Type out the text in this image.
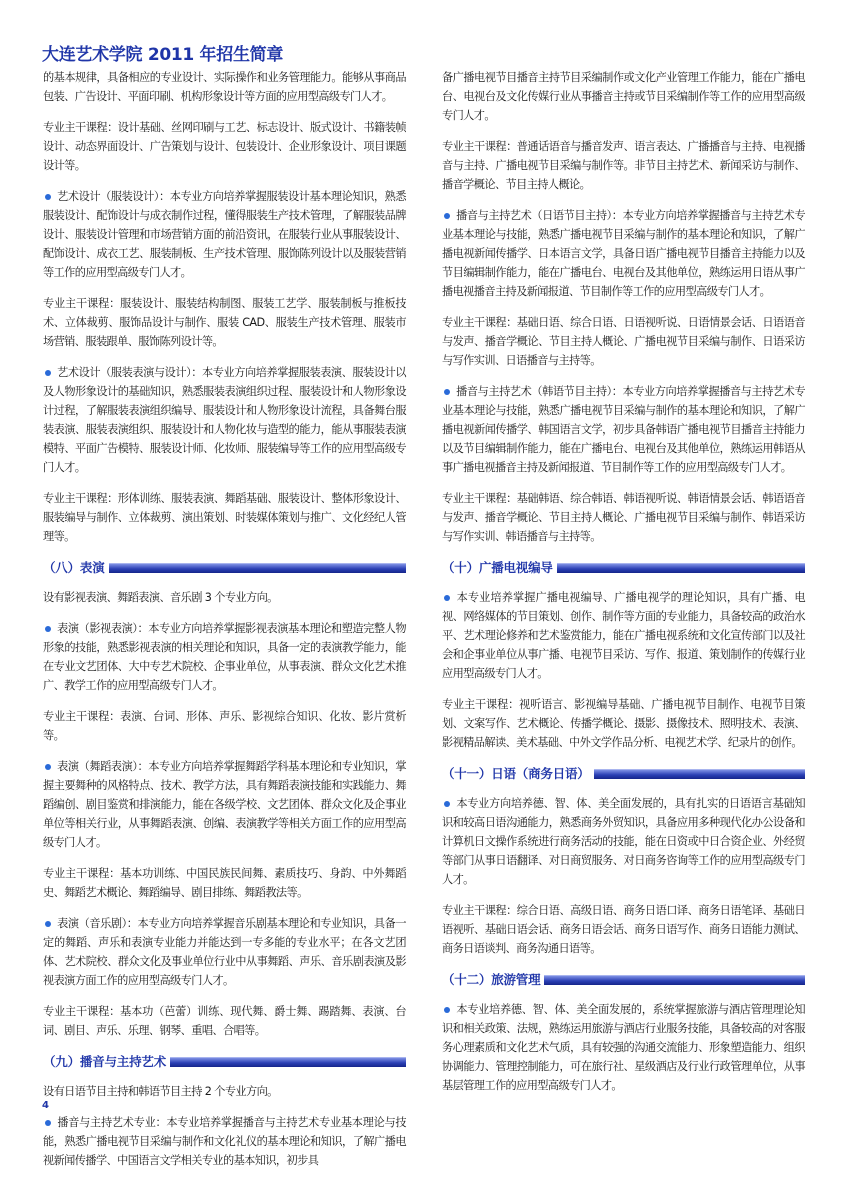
大连艺术学院 2011 年招生简章

的基本规律，具备相应的专业设计、实际操作和业务管理能力。能够从事商品包装、广告设计、平面印刷、机构形象设计等方面的应用型高级专门人才。

专业主干课程：设计基础、丝网印刷与工艺、标志设计、版式设计、书籍装帧设计、动态界面设计、广告策划与设计、包装设计、企业形象设计、项目课题设计等。

艺术设计（服装设计）：本专业方向培养掌握服装设计基本理论知识，熟悉服装设计、配饰设计与成衣制作过程，懂得服装生产技术管理，了解服装品牌设计、服装设计管理和市场营销方面的前沿资讯，在服装行业从事服装设计、配饰设计、成衣工艺、服装制板、生产技术管理、服饰陈列设计以及服装营销等工作的应用型高级专门人才。

专业主干课程：服装设计、服装结构制图、服装工艺学、服装制板与推板技术、立体裁剪、服饰品设计与制作、服装 CAD、服装生产技术管理、服装市场营销、服装跟单、服饰陈列设计等。

艺术设计（服装表演与设计）：本专业方向培养掌握服装表演、服装设计以及人物形象设计的基础知识，熟悉服装表演组织过程、服装设计和人物形象设计过程，了解服装表演组织编导、服装设计和人物形象设计流程，具备舞台服装表演、服装表演组织、服装设计和人物化妆与造型的能力，能从事服装表演模特、平面广告模特、服装设计师、化妆师、服装编导等工作的应用型高级专门人才。

专业主干课程：形体训练、服装表演、舞蹈基础、服装设计、整体形象设计、服装编导与制作、立体裁剪、演出策划、时装媒体策划与推广、文化经纪人管理等。

（八）表演

设有影视表演、舞蹈表演、音乐剧 3 个专业方向。

表演（影视表演）：本专业方向培养掌握影视表演基本理论和塑造完整人物形象的技能，熟悉影视表演的相关理论和知识，具备一定的表演教学能力，能在专业文艺团体、大中专艺术院校、企事业单位，从事表演、群众文化艺术推广、教学工作的应用型高级专门人才。

专业主干课程：表演、台词、形体、声乐、影视综合知识、化妆、影片赏析等。

表演（舞蹈表演）：本专业方向培养掌握舞蹈学科基本理论和专业知识，掌握主要舞种的风格特点、技术、教学方法，具有舞蹈表演技能和实践能力、舞蹈编创、剧目鉴赏和排演能力，能在各级学校、文艺团体、群众文化及企事业单位等相关行业，从事舞蹈表演、创编、表演教学等相关方面工作的应用型高级专门人才。

专业主干课程：基本功训练、中国民族民间舞、素质技巧、身韵、中外舞蹈史、舞蹈艺术概论、舞蹈编导、剧目排练、舞蹈教法等。

表演（音乐剧）：本专业方向培养掌握音乐剧基本理论和专业知识，具备一定的舞蹈、声乐和表演专业能力并能达到一专多能的专业水平；在各文艺团体、艺术院校、群众文化及事业单位行业中从事舞蹈、声乐、音乐剧表演及影视表演方面工作的应用型高级专门人才。

专业主干课程：基本功（芭蕾）训练、现代舞、爵士舞、踢踏舞、表演、台词、剧目、声乐、乐理、钢琴、重唱、合唱等。

（九）播音与主持艺术

设有日语节目主持和韩语节目主持 2 个专业方向。

播音与主持艺术专业：本专业培养掌握播音与主持艺术专业基本理论与技能，熟悉广播电视节目采编与制作和文化礼仪的基本理论和知识，了解广播电视新闻传播学、中国语言文学相关专业的基本知识，初步具

备广播电视节目播音主持节目采编制作或文化产业管理工作能力，能在广播电台、电视台及文化传媒行业从事播音主持或节目采编制作等工作的应用型高级专门人才。

专业主干课程：普通话语音与播音发声、语言表达、广播播音与主持、电视播音与主持、广播电视节目采编与制作等。非节目主持艺术、新闻采访与制作、播音学概论、节目主持人概论。

播音与主持艺术（日语节目主持）：本专业方向培养掌握播音与主持艺术专业基本理论与技能，熟悉广播电视节目采编与制作的基本理论和知识，了解广播电视新闻传播学、日本语言文学，具备日语广播电视节目播音主持能力以及节目编辑制作能力，能在广播电台、电视台及其他单位，熟练运用日语从事广播电视播音主持及新闻报道、节目制作等工作的应用型高级专门人才。

专业主干课程：基础日语、综合日语、日语视听说、日语情景会话、日语语音与发声、播音学概论、节目主持人概论、广播电视节目采编与制作、日语采访与写作实训、日语播音与主持等。

播音与主持艺术（韩语节目主持）：本专业方向培养掌握播音与主持艺术专业基本理论与技能，熟悉广播电视节目采编与制作的基本理论和知识，了解广播电视新闻传播学、韩国语言文学，初步具备韩语广播电视节目播音主持能力以及节目编辑制作能力，能在广播电台、电视台及其他单位，熟练运用韩语从事广播电视播音主持及新闻报道、节目制作等工作的应用型高级专门人才。

专业主干课程：基础韩语、综合韩语、韩语视听说、韩语情景会话、韩语语音与发声、播音学概论、节目主持人概论、广播电视节目采编与制作、韩语采访与写作实训、韩语播音与主持等。

（十）广播电视编导

本专业培养掌握广播电视编导、广播电视学的理论知识，具有广播、电视、网络媒体的节目策划、创作、制作等方面的专业能力，具备较高的政治水平、艺术理论修养和艺术鉴赏能力，能在广播电视系统和文化宣传部门以及社会和企事业单位从事广播、电视节目采访、写作、报道、策划制作的传媒行业应用型高级专门人才。

专业主干课程：视听语言、影视编导基础、广播电视节目制作、电视节目策划、文案写作、艺术概论、传播学概论、摄影、摄像技术、照明技术、表演、影视精品解读、美术基础、中外文学作品分析、电视艺术学、纪录片的创作。

（十一）日语（商务日语）

本专业方向培养德、智、体、美全面发展的，具有扎实的日语语言基础知识和较高日语沟通能力，熟悉商务外贸知识，具备应用多种现代化办公设备和计算机日文操作系统进行商务活动的技能，能在日资或中日合资企业、外经贸等部门从事日语翻译、对日商贸服务、对日商务咨询等工作的应用型高级专门人才。

专业主干课程：综合日语、高级日语、商务日语口译、商务日语笔译、基础日语视听、基础日语会话、商务日语会话、商务日语写作、商务日语能力测试、商务日语谈判、商务沟通日语等。

（十二）旅游管理

本专业培养德、智、体、美全面发展的，系统掌握旅游与酒店管理理论知识和相关政策、法规，熟练运用旅游与酒店行业服务技能，具备较高的对客服务心理素质和文化艺术气质，具有较强的沟通交流能力、形象塑造能力、组织协调能力、管理控制能力，可在旅行社、星级酒店及行业行政管理单位，从事基层管理工作的应用型高级专门人才。

4
